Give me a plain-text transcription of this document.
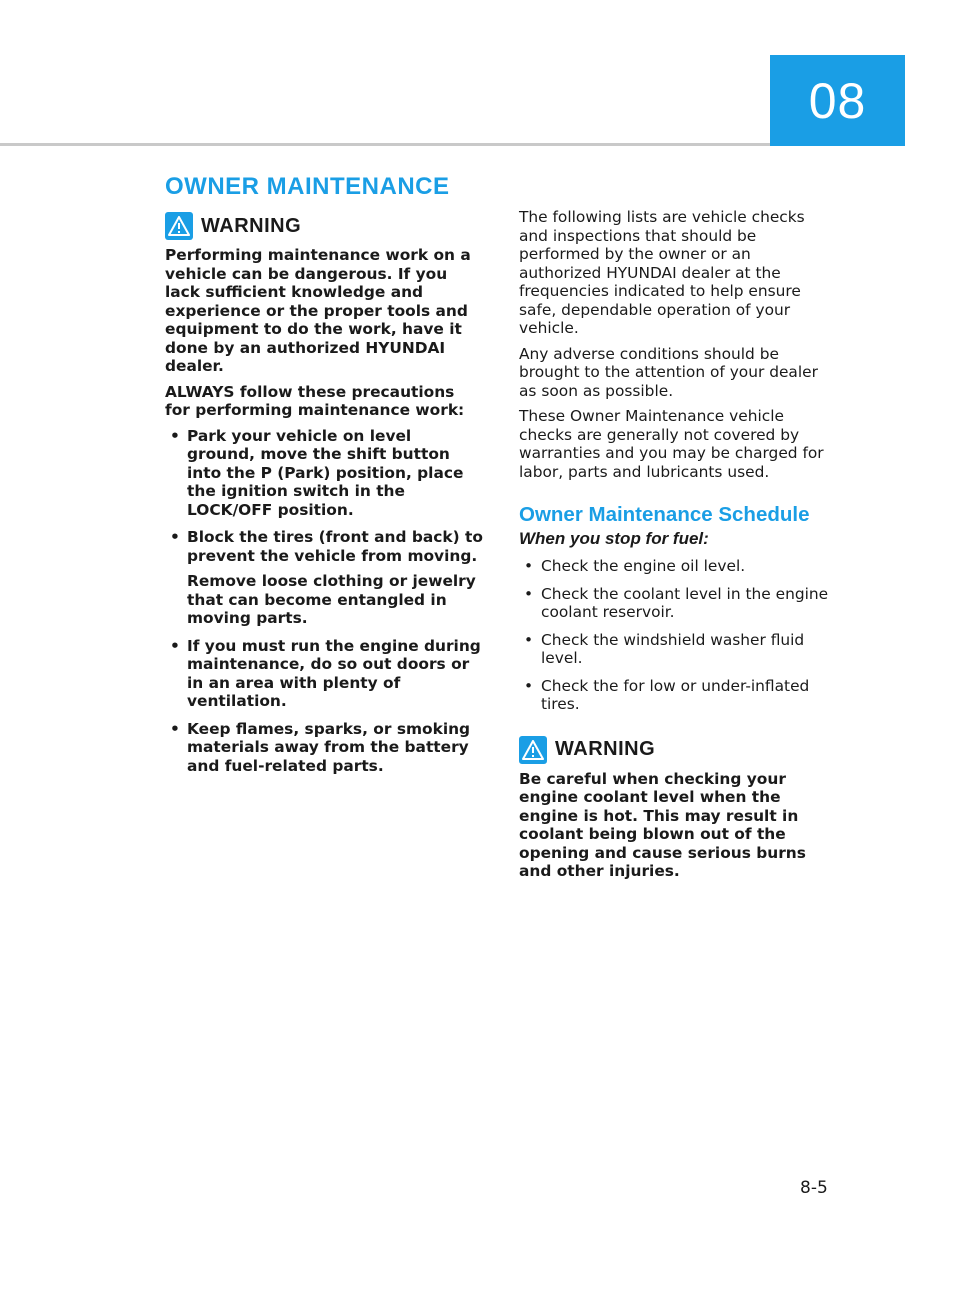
08
OWNER MAINTENANCE
WARNING

Performing maintenance work on a vehicle can be dangerous. If you lack sufficient knowledge and experience or the proper tools and equipment to do the work, have it done by an authorized HYUNDAI dealer.

ALWAYS follow these precautions for performing maintenance work:

• Park your vehicle on level ground, move the shift button into the P (Park) position, place the ignition switch in the LOCK/OFF position.
• Block the tires (front and back) to prevent the vehicle from moving.
Remove loose clothing or jewelry that can become entangled in moving parts.
• If you must run the engine during maintenance, do so out doors or in an area with plenty of ventilation.
• Keep flames, sparks, or smoking materials away from the battery and fuel-related parts.

The following lists are vehicle checks and inspections that should be performed by the owner or an authorized HYUNDAI dealer at the frequencies indicated to help ensure safe, dependable operation of your vehicle.

Any adverse conditions should be brought to the attention of your dealer as soon as possible.

These Owner Maintenance vehicle checks are generally not covered by warranties and you may be charged for labor, parts and lubricants used.

Owner Maintenance Schedule
When you stop for fuel:
• Check the engine oil level.
• Check the coolant level in the engine coolant reservoir.
• Check the windshield washer fluid level.
• Check the for low or under-inflated tires.
WARNING

Be careful when checking your engine coolant level when the engine is hot. This may result in coolant being blown out of the opening and cause serious burns and other injuries.

8-5
